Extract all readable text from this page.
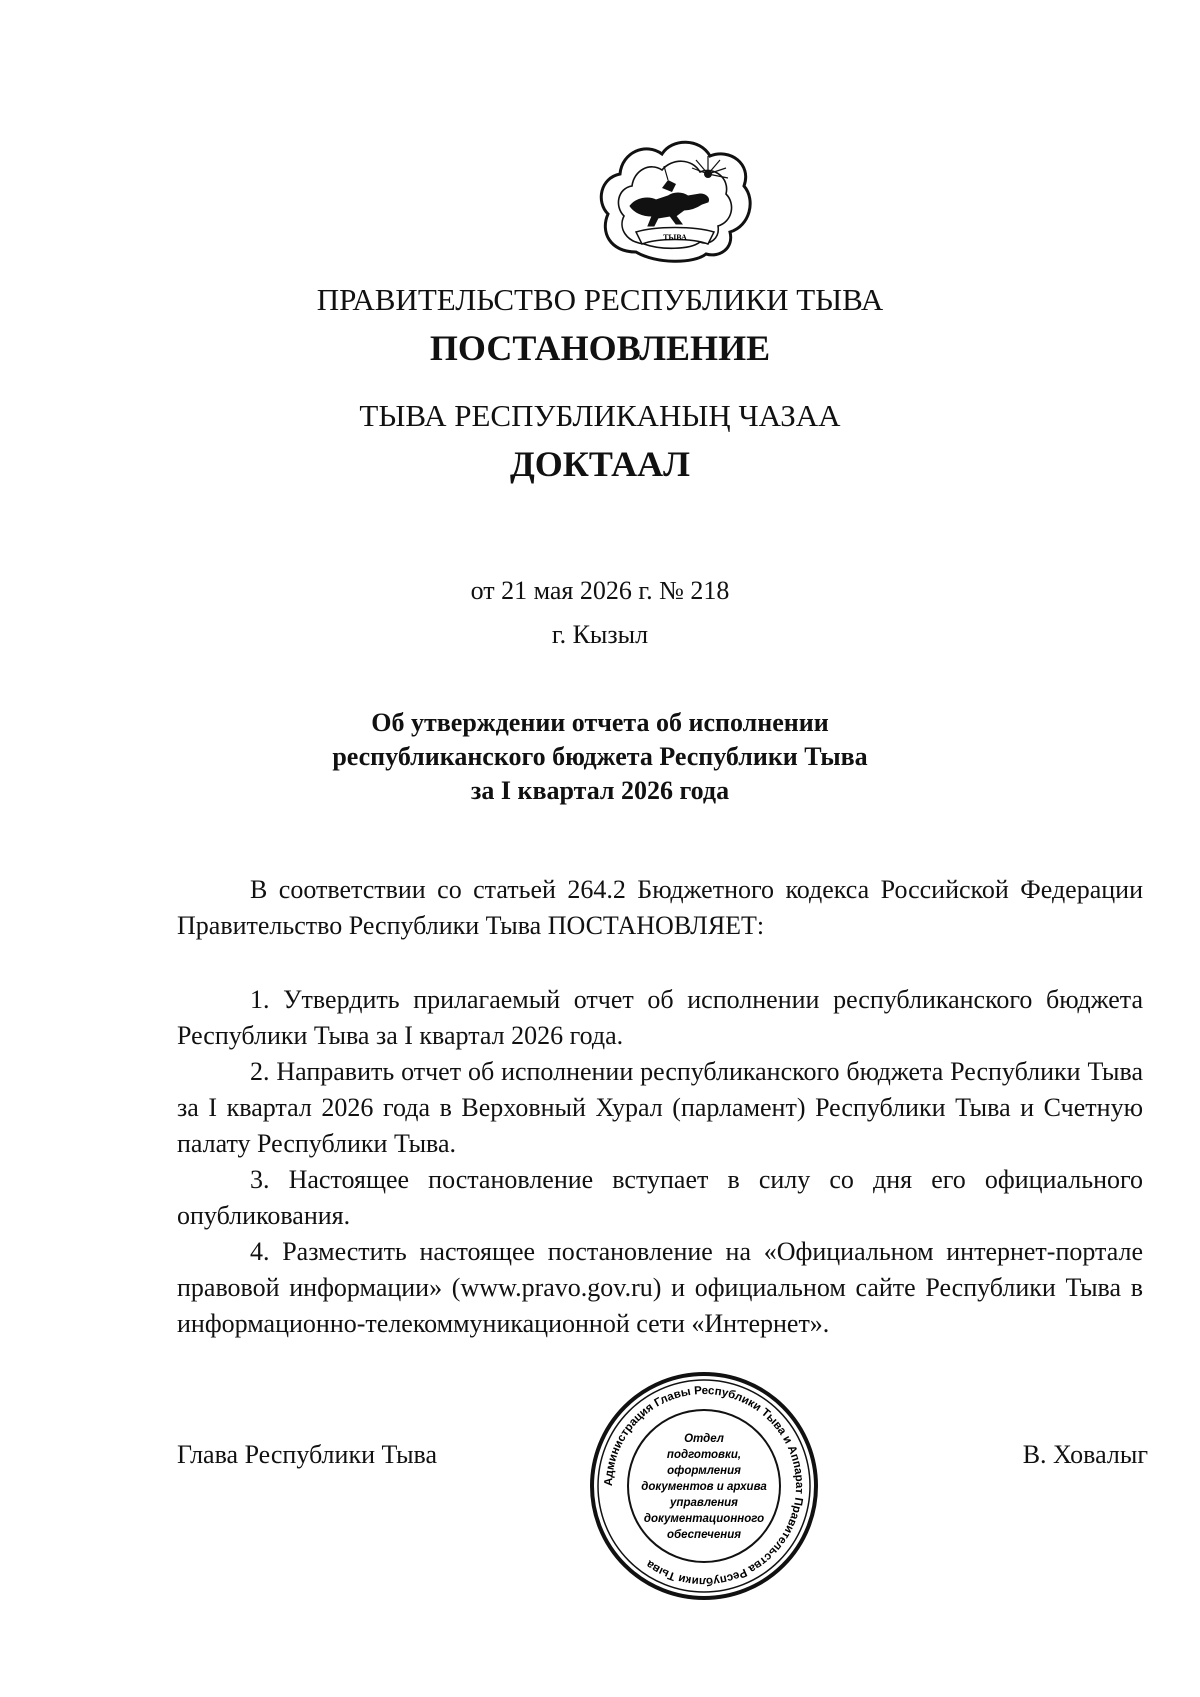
ТЫВА
ПРАВИТЕЛЬСТВО РЕСПУБЛИКИ ТЫВА
ПОСТАНОВЛЕНИЕ
ТЫВА РЕСПУБЛИКАНЫҢ ЧАЗАА
ДОКТААЛ
от 21 мая 2026 г. № 218
г. Кызыл
Об утверждении отчета об исполнении
республиканского бюджета Республики Тыва
за I квартал 2026 года

В соответствии со статьей 264.2 Бюджетного кодекса Российской Федерации Правительство Республики Тыва ПОСТАНОВЛЯЕТ:

1. Утвердить прилагаемый отчет об исполнении республиканского бюджета Республики Тыва за I квартал 2026 года.

2. Направить отчет об исполнении республиканского бюджета Республики Тыва за I квартал 2026 года в Верховный Хурал (парламент) Республики Тыва и Счетную палату Республики Тыва.

3. Настоящее постановление вступает в силу со дня его официального опубликования.

4. Разместить настоящее постановление на «Официальном интернет-портале правовой информации» (www.pravo.gov.ru) и официальном сайте Республики Тыва в информационно-телекоммуникационной сети «Интернет».

Глава Республики Тыва
Администрация Главы Республики Тыва и Аппарат Правительства Республики Тыва
Отдел
подготовки,
оформления
документов и архива
управления
документационного
обеспечения
В. Ховалыг
